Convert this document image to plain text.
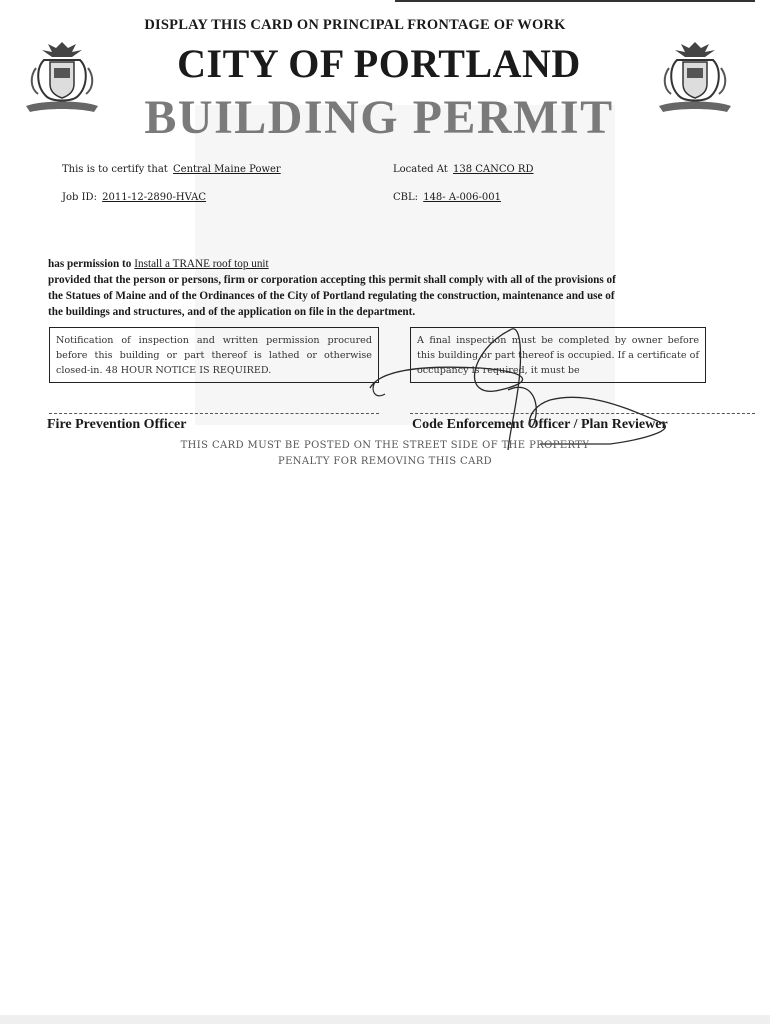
DISPLAY THIS CARD ON PRINCIPAL FRONTAGE OF WORK
CITY OF PORTLAND
BUILDING PERMIT
This is to certify that Central Maine Power	Located At 138 CANCO RD
Job ID: 2011-12-2890-HVAC	CBL: 148- A-006-001
has permission to Install a TRANE roof top unit
provided that the person or persons, firm or corporation accepting this permit shall comply with all of the provisions of
the Statues of Maine and of the Ordinances of the City of Portland regulating the construction, maintenance and use of
the buildings and structures, and of the application on file in the department.
Notification of inspection and written permission procured before this building or part thereof is lathed or otherwise closed-in. 48 HOUR NOTICE IS REQUIRED.
A final inspection must be completed by owner before this building or part thereof is occupied. If a certificate of occupancy is required, it must be
Fire Prevention Officer	Code Enforcement Officer / Plan Reviewer
THIS CARD MUST BE POSTED ON THE STREET SIDE OF THE PROPERTY
PENALTY FOR REMOVING THIS CARD
